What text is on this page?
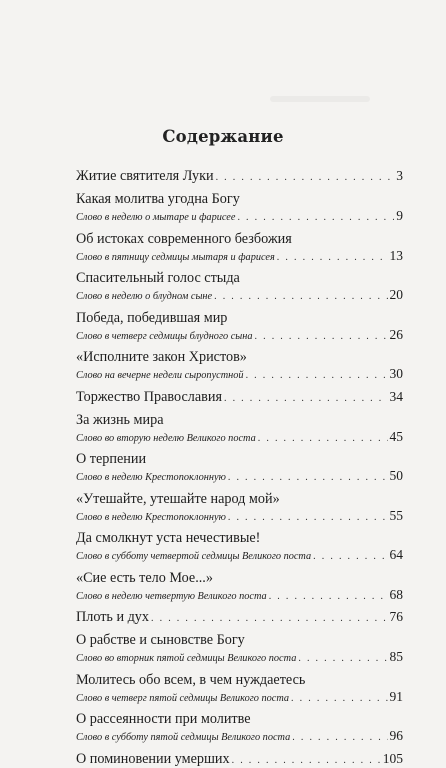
Содержание
Житие святителя Луки . . .	3
Какая молитва угодна Богу
Слово в неделю о мытаре и фарисее . . .	9
Об истоках современного безбожия
Слово в пятницу седмицы мытаря и фарисея . . .	13
Спасительный голос стыда
Слово в неделю о блудном сыне . . .	20
Победа, победившая мир
Слово в четверг седмицы блудного сына . . .	26
«Исполните закон Христов»
Слово на вечерне недели сыропустной . . .	30
Торжество Православия . . .	34
За жизнь мира
Слово во вторую неделю Великого поста . . .	45
О терпении
Слово в неделю Крестопоклонную . . .	50
«Утешайте, утешайте народ мой»
Слово в неделю Крестопоклонную . . .	55
Да смолкнут уста нечестивые!
Слово в субботу четвертой седмицы Великого поста . . .	64
«Сие есть тело Мое...»
Слово в неделю четвертую Великого поста . . .	68
Плоть и дух . . .	76
О рабстве и сыновстве Богу
Слово во вторник пятой седмицы Великого поста . . .	85
Молитесь обо всем, в чем нуждаетесь
Слово в четверг пятой седмицы Великого поста . . .	91
О рассеянности при молитве
Слово в субботу пятой седмицы Великого поста . . .	96
О поминовении умерших . . .	105
